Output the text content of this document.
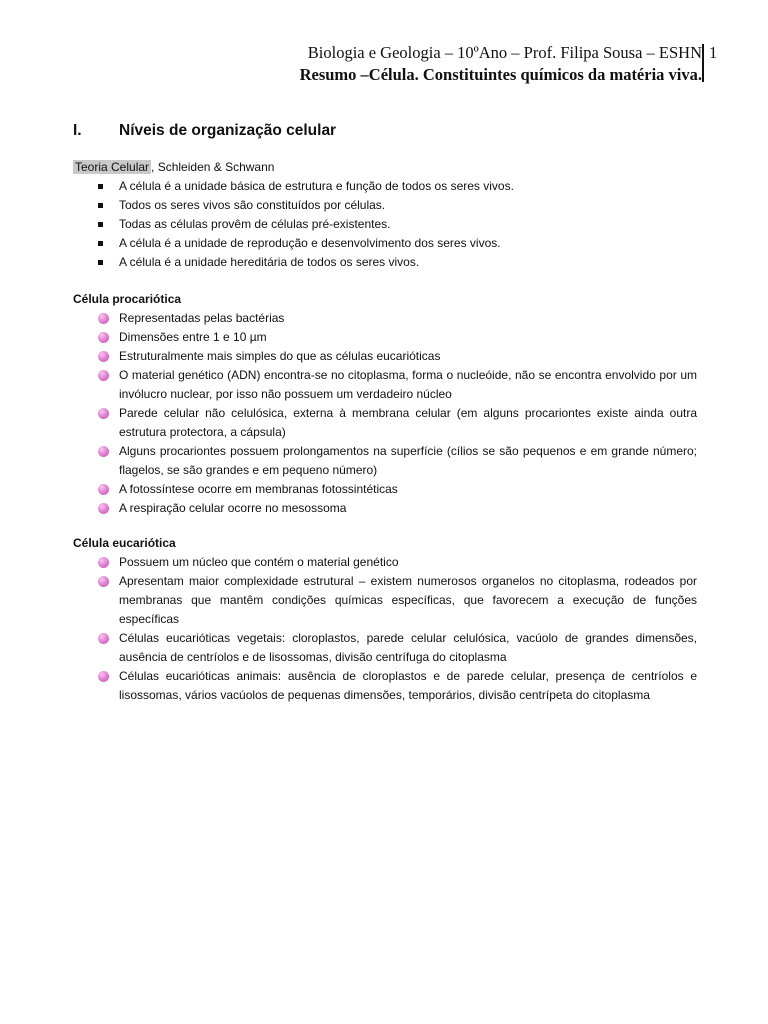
Biologia e Geologia – 10ºAno – Prof. Filipa Sousa – ESHN
Resumo –Célula. Constituintes químicos da matéria viva.
1
I. Níveis de organização celular
Teoria Celular , Schleiden & Schwann
A célula é a unidade básica de estrutura e função de todos os seres vivos.
Todos os seres vivos são constituídos por células.
Todas as células provêm de células pré-existentes.
A célula é a unidade de reprodução e desenvolvimento dos seres vivos.
A célula é a unidade hereditária de todos os seres vivos.
Célula procariótica
Representadas pelas bactérias
Dimensões entre 1 e 10 µm
Estruturalmente mais simples do que as células eucarióticas
O material genético (ADN) encontra-se no citoplasma, forma o nucleóide, não se encontra envolvido por um invólucro nuclear, por isso não possuem um verdadeiro núcleo
Parede celular não celulósica, externa à membrana celular (em alguns procariontes existe ainda outra estrutura protectora, a cápsula)
Alguns procariontes possuem prolongamentos na superfície (cílios se são pequenos e em grande número; flagelos, se são grandes e em pequeno número)
A fotossíntese ocorre em membranas fotossintéticas
A respiração celular ocorre no mesossoma
Célula eucariótica
Possuem um núcleo que contém o material genético
Apresentam maior complexidade estrutural – existem numerosos organelos no citoplasma, rodeados por membranas que mantêm condições químicas específicas, que favorecem a execução de funções específicas
Células eucarióticas vegetais: cloroplastos, parede celular celulósica, vacúolo de grandes dimensões, ausência de centríolos e de lisossomas, divisão centrífuga do citoplasma
Células eucarióticas animais: ausência de cloroplastos e de parede celular, presença de centríolos e lisossomas, vários vacúolos de pequenas dimensões, temporários, divisão centrípeta do citoplasma
